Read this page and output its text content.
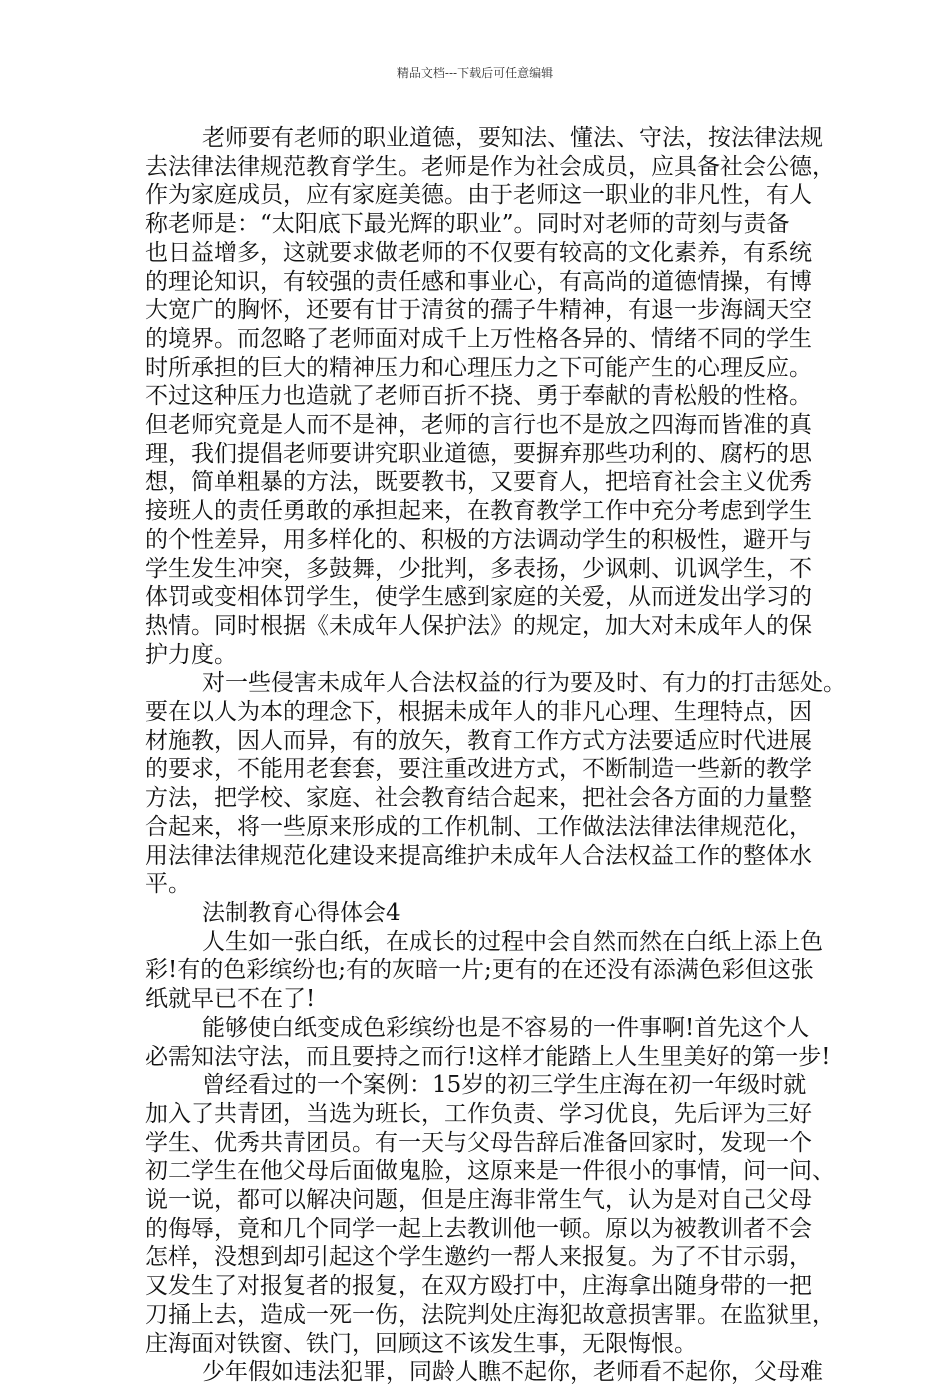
精品文档---下载后可任意编辑
老师要有老师的职业道德，要知法、懂法、守法，按法律法规
去法律法律规范教育学生。老师是作为社会成员，应具备社会公德，
作为家庭成员，应有家庭美德。由于老师这一职业的非凡性，有人
称老师是：“太阳底下最光辉的职业”。同时对老师的苛刻与责备
也日益增多，这就要求做老师的不仅要有较高的文化素养，有系统
的理论知识，有较强的责任感和事业心，有高尚的道德情操，有博
大宽广的胸怀，还要有甘于清贫的孺子牛精神，有退一步海阔天空
的境界。而忽略了老师面对成千上万性格各异的、情绪不同的学生
时所承担的巨大的精神压力和心理压力之下可能产生的心理反应。
不过这种压力也造就了老师百折不挠、勇于奉献的青松般的性格。
但老师究竟是人而不是神，老师的言行也不是放之四海而皆准的真
理，我们提倡老师要讲究职业道德，要摒弃那些功利的、腐朽的思
想，简单粗暴的方法，既要教书，又要育人，把培育社会主义优秀
接班人的责任勇敢的承担起来，在教育教学工作中充分考虑到学生
的个性差异，用多样化的、积极的方法调动学生的积极性，避开与
学生发生冲突，多鼓舞，少批判，多表扬，少讽刺、讥讽学生，不
体罚或变相体罚学生，使学生感到家庭的关爱，从而迸发出学习的
热情。同时根据《未成年人保护法》的规定，加大对未成年人的保
护力度。
对一些侵害未成年人合法权益的行为要及时、有力的打击惩处。
要在以人为本的理念下，根据未成年人的非凡心理、生理特点，因
材施教，因人而异，有的放矢，教育工作方式方法要适应时代进展
的要求，不能用老套套，要注重改进方式，不断制造一些新的教学
方法，把学校、家庭、社会教育结合起来，把社会各方面的力量整
合起来，将一些原来形成的工作机制、工作做法法律法律规范化，
用法律法律规范化建设来提高维护未成年人合法权益工作的整体水
平。
法制教育心得体会4
人生如一张白纸，在成长的过程中会自然而然在白纸上添上色
彩!有的色彩缤纷也;有的灰暗一片;更有的在还没有添满色彩但这张
纸就早已不在了!
能够使白纸变成色彩缤纷也是不容易的一件事啊!首先这个人
必需知法守法，而且要持之而行!这样才能踏上人生里美好的第一步!
曾经看过的一个案例：15岁的初三学生庄海在初一年级时就
加入了共青团，当选为班长，工作负责、学习优良，先后评为三好
学生、优秀共青团员。有一天与父母告辞后准备回家时，发现一个
初二学生在他父母后面做鬼脸，这原来是一件很小的事情，问一问、
说一说，都可以解决问题，但是庄海非常生气，认为是对自己父母
的侮辱，竟和几个同学一起上去教训他一顿。原以为被教训者不会
怎样，没想到却引起这个学生邀约一帮人来报复。为了不甘示弱，
又发生了对报复者的报复，在双方殴打中，庄海拿出随身带的一把
刀捅上去，造成一死一伤，法院判处庄海犯故意损害罪。在监狱里，
庄海面对铁窗、铁门，回顾这不该发生事，无限悔恨。
少年假如违法犯罪，同龄人瞧不起你，老师看不起你，父母难
